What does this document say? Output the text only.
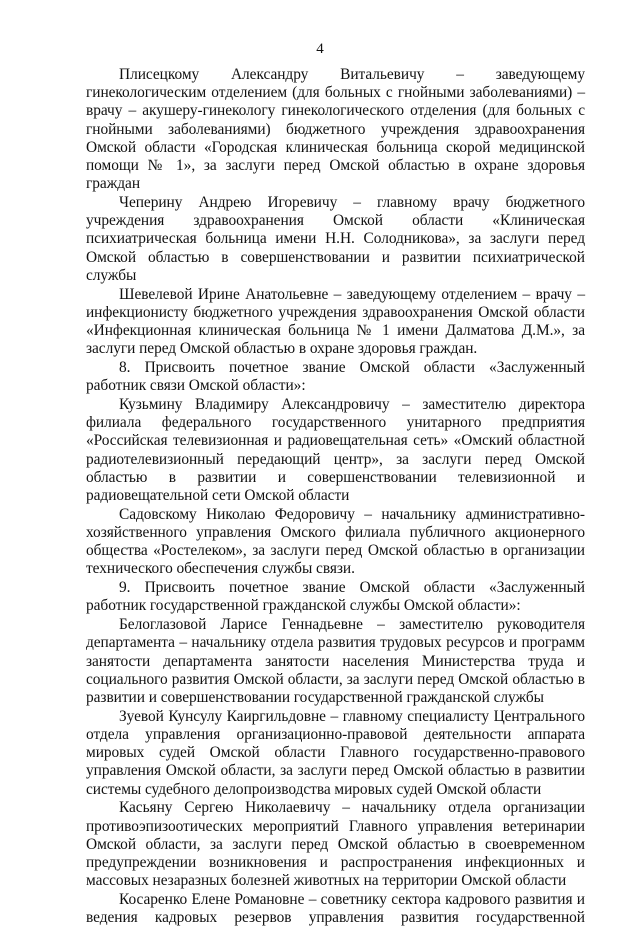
4

Плисецкому Александру Витальевичу – заведующему гинекологическим отделением (для больных с гнойными заболеваниями) – врачу – акушеру-гинекологу гинекологического отделения (для больных с гнойными заболеваниями) бюджетного учреждения здравоохранения Омской области «Городская клиническая больница скорой медицинской помощи № 1», за заслуги перед Омской областью в охране здоровья граждан

Чеперину Андрею Игоревичу – главному врачу бюджетного учреждения здравоохранения Омской области «Клиническая психиатрическая больница имени Н.Н. Солодникова», за заслуги перед Омской областью в совершенствовании и развитии психиатрической службы

Шевелевой Ирине Анатольевне – заведующему отделением – врачу – инфекционисту бюджетного учреждения здравоохранения Омской области «Инфекционная клиническая больница № 1 имени Далматова Д.М.», за заслуги перед Омской областью в охране здоровья граждан.

8. Присвоить почетное звание Омской области «Заслуженный работник связи Омской области»:

Кузьмину Владимиру Александровичу – заместителю директора филиала федерального государственного унитарного предприятия «Российская телевизионная и радиовещательная сеть» «Омский областной радиотелевизионный передающий центр», за заслуги перед Омской областью в развитии и совершенствовании телевизионной и радиовещательной сети Омской области

Садовскому Николаю Федоровичу – начальнику административно-хозяйственного управления Омского филиала публичного акционерного общества «Ростелеком», за заслуги перед Омской областью в организации технического обеспечения службы связи.

9. Присвоить почетное звание Омской области «Заслуженный работник государственной гражданской службы Омской области»:

Белоглазовой Ларисе Геннадьевне – заместителю руководителя департамента – начальнику отдела развития трудовых ресурсов и программ занятости департамента занятости населения Министерства труда и социального развития Омской области, за заслуги перед Омской областью в развитии и совершенствовании государственной гражданской службы

Зуевой Кунсулу Каиргильдовне – главному специалисту Центрального отдела управления организационно-правовой деятельности аппарата мировых судей Омской области Главного государственно-правового управления Омской области, за заслуги перед Омской областью в развитии системы судебного делопроизводства мировых судей Омской области

Касьяну Сергею Николаевичу – начальнику отдела организации противоэпизоотических мероприятий Главного управления ветеринарии Омской области, за заслуги перед Омской областью в своевременном предупреждении возникновения и распространения инфекционных и массовых незаразных болезней животных на территории Омской области

Косаренко Елене Романовне – советнику сектора кадрового развития и ведения кадровых резервов управления развития государственной
